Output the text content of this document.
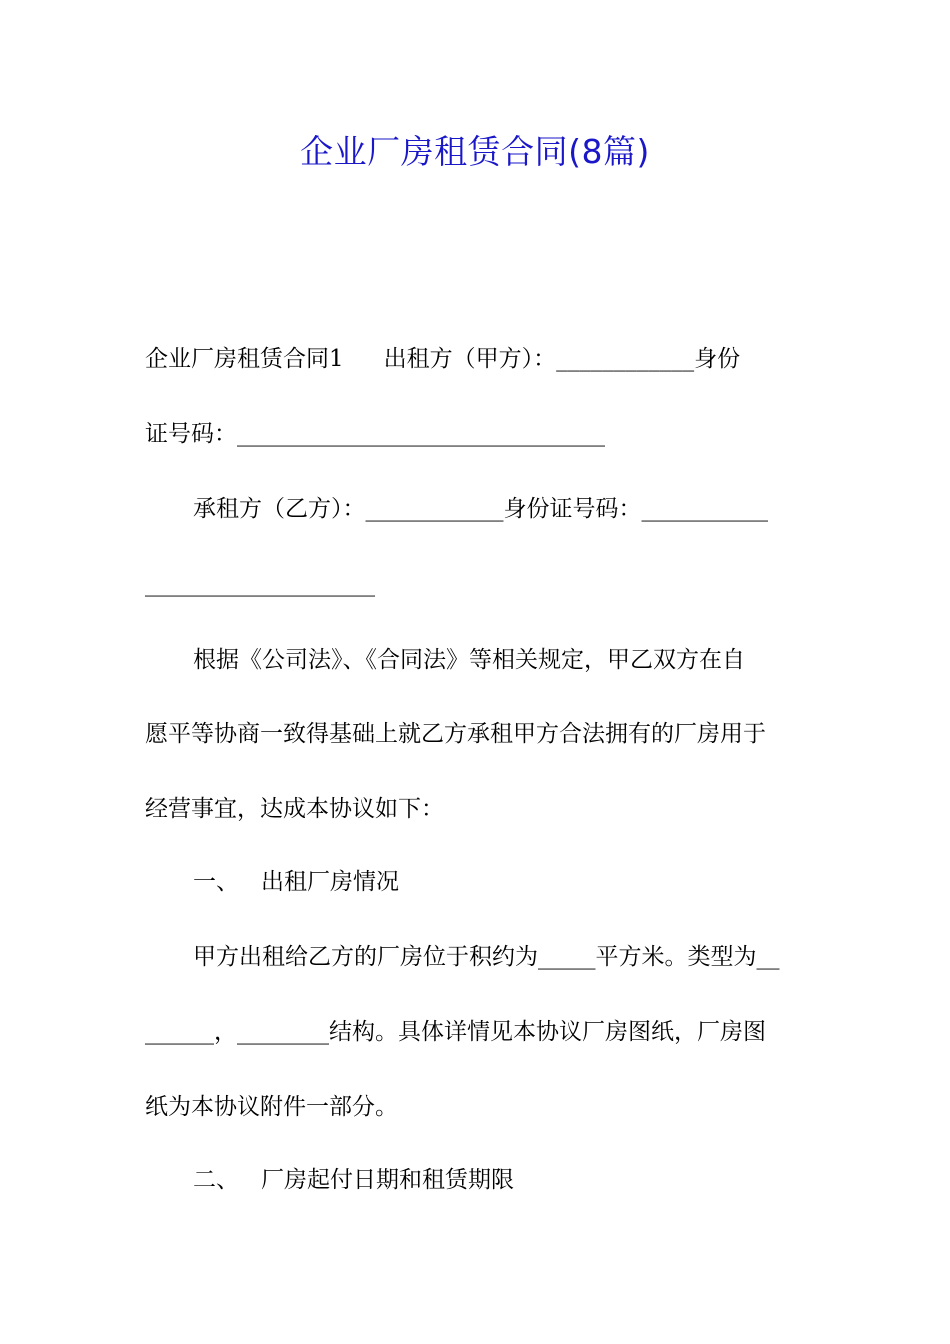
企业厂房租赁合同(8篇)
企业厂房租赁合同1 出租方（甲方）：____________身份
证号码：________________________________
承租方（乙方）：____________身份证号码：___________
____________________
根据《公司法》、《合同法》等相关规定，甲乙双方在自
愿平等协商一致得基础上就乙方承租甲方合法拥有的厂房用于
经营事宜，达成本协议如下：
一、 出租厂房情况
甲方出租给乙方的厂房位于积约为_____平方米。类型为__
______，________结构。具体详情见本协议厂房图纸，厂房图
纸为本协议附件一部分。
二、 厂房起付日期和租赁期限
